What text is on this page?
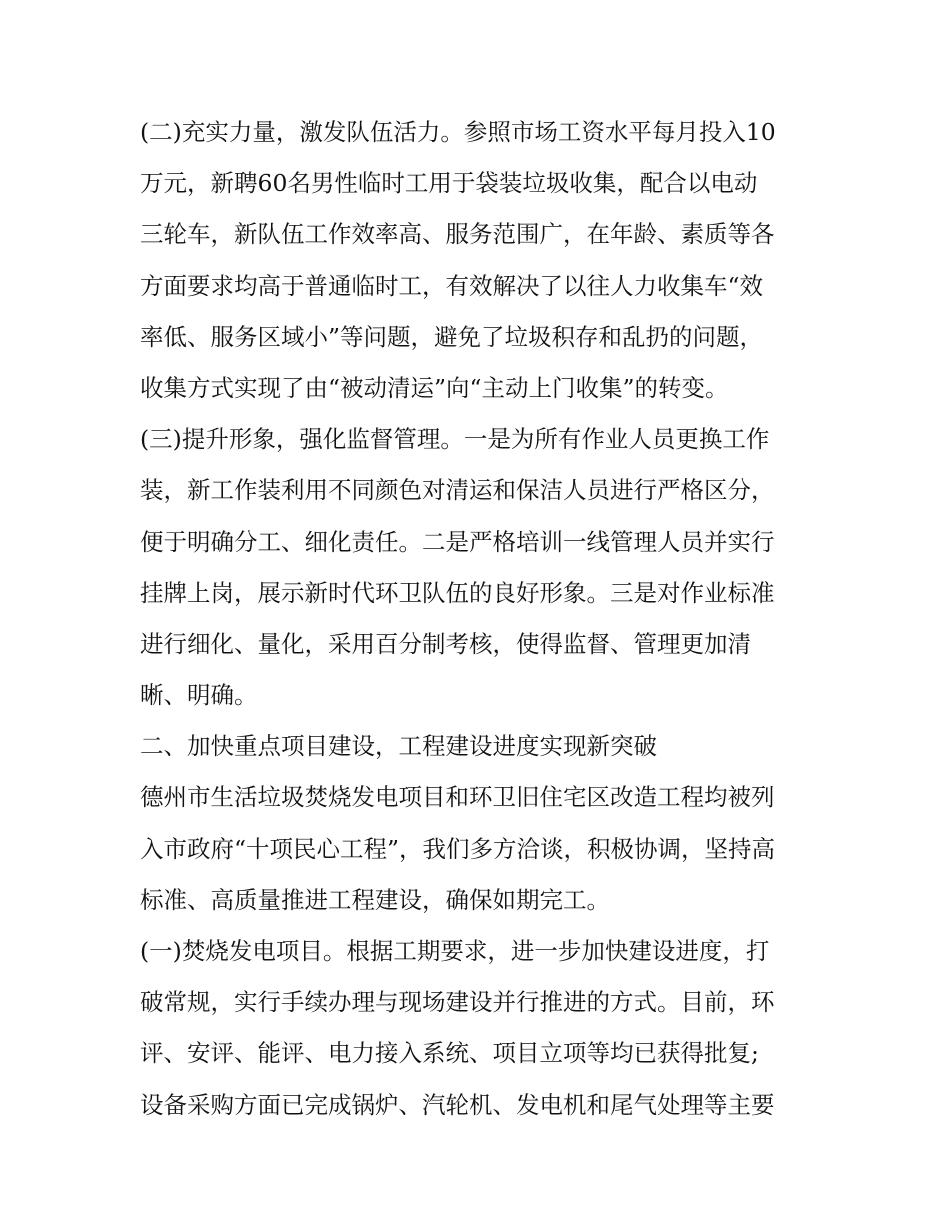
(二)充实力量，激发队伍活力。参照市场工资水平每月投入10
万元，新聘60名男性临时工用于袋装垃圾收集，配合以电动
三轮车，新队伍工作效率高、服务范围广，在年龄、素质等各
方面要求均高于普通临时工，有效解决了以往人力收集车“效
率低、服务区域小”等问题，避免了垃圾积存和乱扔的问题，
收集方式实现了由“被动清运”向“主动上门收集”的转变。
(三)提升形象，强化监督管理。一是为所有作业人员更换工作
装，新工作装利用不同颜色对清运和保洁人员进行严格区分，
便于明确分工、细化责任。二是严格培训一线管理人员并实行
挂牌上岗，展示新时代环卫队伍的良好形象。三是对作业标准
进行细化、量化，采用百分制考核，使得监督、管理更加清
晰、明确。
二、加快重点项目建设，工程建设进度实现新突破
德州市生活垃圾焚烧发电项目和环卫旧住宅区改造工程均被列
入市政府“十项民心工程”，我们多方洽谈，积极协调，坚持高
标准、高质量推进工程建设，确保如期完工。
(一)焚烧发电项目。根据工期要求，进一步加快建设进度，打
破常规，实行手续办理与现场建设并行推进的方式。目前，环
评、安评、能评、电力接入系统、项目立项等均已获得批复;
设备采购方面已完成锅炉、汽轮机、发电机和尾气处理等主要
